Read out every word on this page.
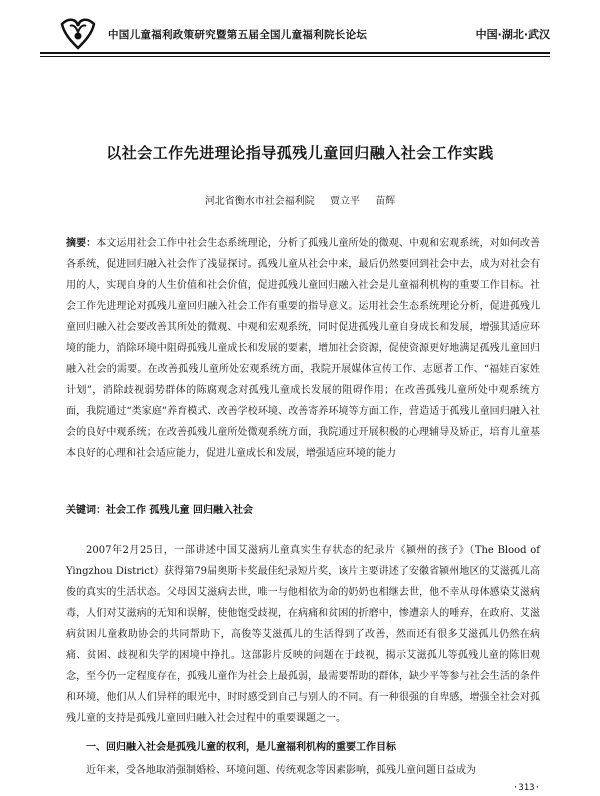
中国儿童福利政策研究暨第五届全国儿童福利院长论坛	中国·湖北·武汉
以社会工作先进理论指导孤残儿童回归融入社会工作实践
河北省衡水市社会福利院 贾立平 苗辉
摘要：本文运用社会工作中社会生态系统理论，分析了孤残儿童所处的微观、中观和宏观系统，对如何改善各系统，促进回归融入社会作了浅显探讨。孤残儿童从社会中来，最后仍然要回到社会中去，成为对社会有用的人，实现自身的人生价值和社会价值，促进孤残儿童回归融入社会是儿童福利机构的重要工作目标。社会工作先进理论对孤残儿童回归融入社会工作有重要的指导意义。运用社会生态系统理论分析，促进孤残儿童回归融入社会要改善其所处的微观、中观和宏观系统，同时促进孤残儿童自身成长和发展，增强其适应环境的能力，消除环境中阻碍孤残儿童成长和发展的要素，增加社会资源，促使资源更好地满足孤残儿童回归融入社会的需要。在改善孤残儿童所处宏观系统方面，我院开展媒体宣传工作、志愿者工作、“福娃百家姓计划”，消除歧视弱势群体的陈腐观念对孤残儿童成长发展的阻碍作用；在改善孤残儿童所处中观系统方面，我院通过“类家庭”养育模式、改善学校环境、改善寄养环境等方面工作，营造适于孤残儿童回归融入社会的良好中观系统；在改善孤残儿童所处微观系统方面，我院通过开展积极的心理辅导及矫正，培育儿童基本良好的心理和社会适应能力，促进儿童成长和发展，增强适应环境的能力
关键词：社会工作 孤残儿童 回归融入社会

2007年2月25日，一部讲述中国艾滋病儿童真实生存状态的纪录片《颍州的孩子》（The Blood of Yingzhou District）获得第79届奥斯卡奖最佳纪录短片奖，该片主要讲述了安徽省颍州地区的艾滋孤儿高俊的真实的生活状态。父母因艾滋病去世，唯一与他相依为命的奶奶也相继去世，他不幸从母体感染艾滋病毒，人们对艾滋病的无知和误解，使他饱受歧视，在病痛和贫困的折磨中，惨遭亲人的唾弃，在政府、艾滋病贫困儿童救助协会的共同帮助下，高俊等艾滋孤儿的生活得到了改善，然而还有很多艾滋孤儿仍然在病痛、贫困、歧视和失学的困境中挣扎。这部影片反映的问题在于歧视，揭示艾滋孤儿等孤残儿童的陈旧观念，至今仍一定程度存在，孤残儿童作为社会上最孤弱，最需要帮助的群体，缺少平等参与社会生活的条件和环境，他们从人们异样的眼光中，时时感受到自己与别人的不同。有一种很强的自卑感，增强全社会对孤残儿童的支持是孤残儿童回归融入社会过程中的重要课题之一。

一、回归融入社会是孤残儿童的权利，是儿童福利机构的重要工作目标
近年来，受各地取消强制婚检、环境问题、传统观念等因素影响，孤残儿童问题日益成为
·313·
